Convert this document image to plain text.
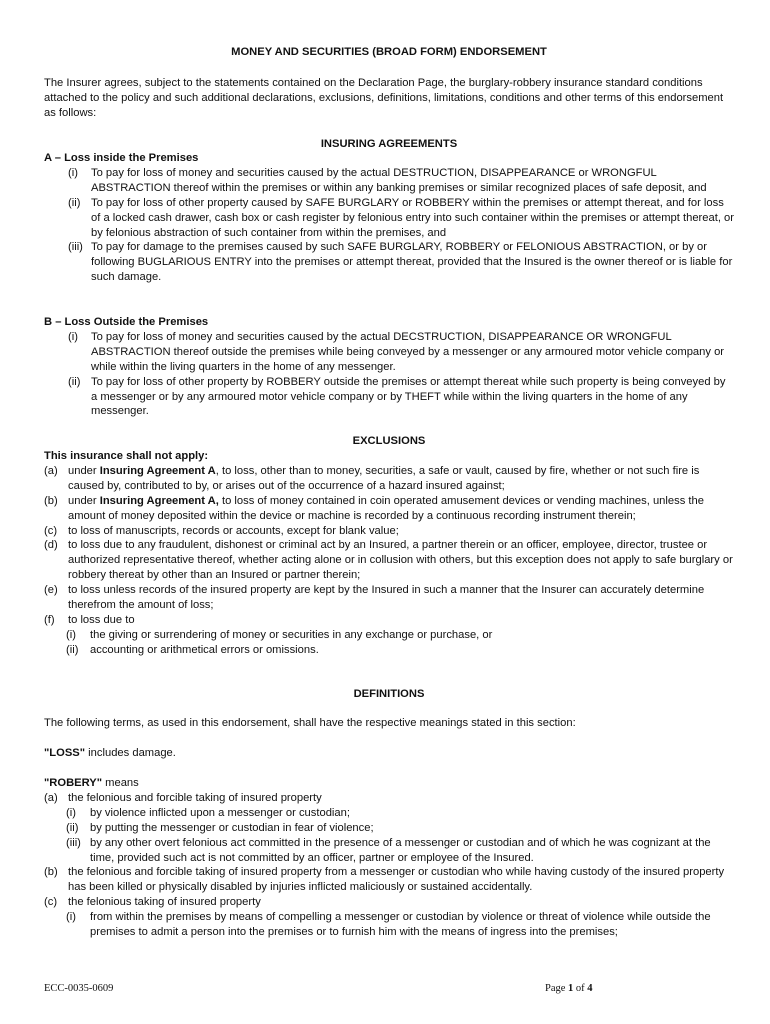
MONEY AND SECURITIES (BROAD FORM) ENDORSEMENT

The Insurer agrees, subject to the statements contained on the Declaration Page, the burglary-robbery insurance standard conditions attached to the policy and such additional declarations, exclusions, definitions, limitations, conditions and other terms of this endorsement as follows:

INSURING AGREEMENTS
A – Loss inside the Premises
(i) To pay for loss of money and securities caused by the actual DESTRUCTION, DISAPPEARANCE or WRONGFUL ABSTRACTION thereof within the premises or within any banking premises or similar recognized places of safe deposit, and

(ii) To pay for loss of other property caused by SAFE BURGLARY or ROBBERY within the premises or attempt thereat, and for loss of a locked cash drawer, cash box or cash register by felonious entry into such container within the premises or attempt thereat, or by felonious abstraction of such container from within the premises, and

(iii) To pay for damage to the premises caused by such SAFE BURGLARY, ROBBERY or FELONIOUS ABSTRACTION, or by or following BUGLARIOUS ENTRY into the premises or attempt thereat, provided that the Insured is the owner thereof or is liable for such damage.

B – Loss Outside the Premises
(i) To pay for loss of money and securities caused by the actual DECSTRUCTION, DISAPPEARANCE OR WRONGFUL ABSTRACTION thereof outside the premises while being conveyed by a messenger or any armoured motor vehicle company or while within the living quarters in the home of any messenger.

(ii) To pay for loss of other property by ROBBERY outside the premises or attempt thereat while such property is being conveyed by a messenger or by any armoured motor vehicle company or by THEFT while within the living quarters in the home of any messenger.

EXCLUSIONS
This insurance shall not apply:
(a) under Insuring Agreement A, to loss, other than to money, securities, a safe or vault, caused by fire, whether or not such fire is caused by, contributed to by, or arises out of the occurrence of a hazard insured against;

(b) under Insuring Agreement A, to loss of money contained in coin operated amusement devices or vending machines, unless the amount of money deposited within the device or machine is recorded by a continuous recording instrument therein;

(c) to loss of manuscripts, records or accounts, except for blank value;

(d) to loss due to any fraudulent, dishonest or criminal act by an Insured, a partner therein or an officer, employee, director, trustee or authorized representative thereof, whether acting alone or in collusion with others, but this exception does not apply to safe burglary or robbery thereat by other than an Insured or partner therein;

(e) to loss unless records of the insured property are kept by the Insured in such a manner that the Insurer can accurately determine therefrom the amount of loss;

(f) to loss due to

(i) the giving or surrendering of money or securities in any exchange or purchase, or

(ii) accounting or arithmetical errors or omissions.

DEFINITIONS

The following terms, as used in this endorsement, shall have the respective meanings stated in this section:

"LOSS" includes damage.

"ROBERY" means

(a) the felonious and forcible taking of insured property

(i) by violence inflicted upon a messenger or custodian;

(ii) by putting the messenger or custodian in fear of violence;

(iii) by any other overt felonious act committed in the presence of a messenger or custodian and of which he was cognizant at the time, provided such act is not committed by an officer, partner or employee of the Insured.

(b) the felonious and forcible taking of insured property from a messenger or custodian who while having custody of the insured property has been killed or physically disabled by injuries inflicted maliciously or sustained accidentally.

(c) the felonious taking of insured property

(i) from within the premises by means of compelling a messenger or custodian by violence or threat of violence while outside the premises to admit a person into the premises or to furnish him with the means of ingress into the premises;

ECC-0035-0609	Page 1 of 4
